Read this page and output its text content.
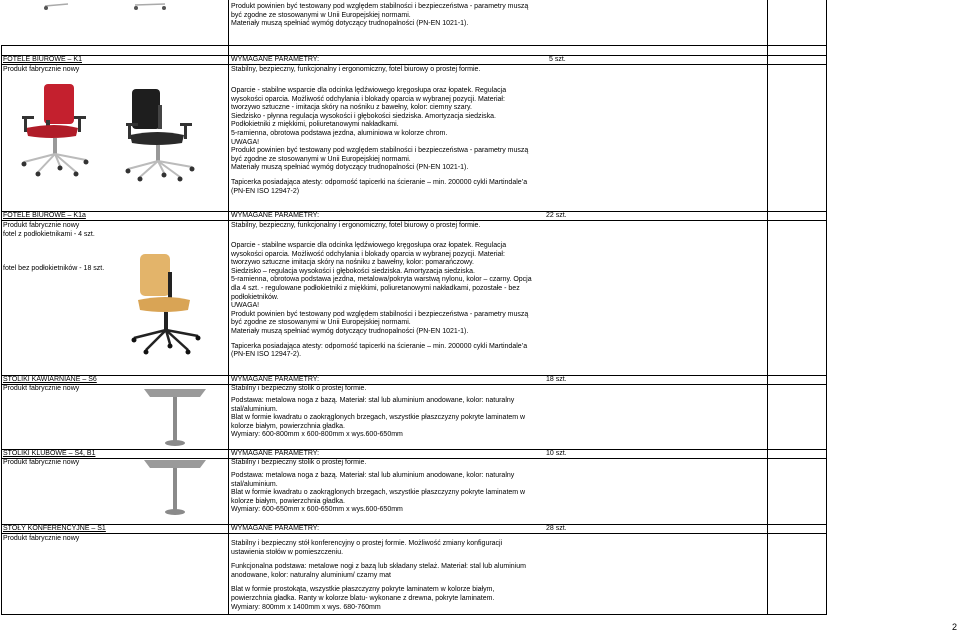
Produkt powinien być testowany pod względem stabilności i bezpieczeństwa - parametry muszą
być zgodne ze stosowanymi w Unii Europejskiej normami.
Materiały muszą spełniać wymóg dotyczący trudnopalności (PN-EN 1021-1).
FOTELE BIUROWE – K1	WYMAGANE PARAMETRY:	5 szt.
Produkt fabrycznie nowy	Stabilny, bezpieczny, funkcjonalny i ergonomiczny, fotel biurowy o prostej formie.
Oparcie - stabilne wsparcie dla odcinka lędźwiowego kręgosłupa oraz łopatek. Regulacja
wysokości oparcia. Możliwość odchylania i blokady oparcia w wybranej pozycji. Materiał:
tworzywo sztuczne - imitacja skóry na nośniku z bawełny, kolor: ciemny szary.
Siedzisko - płynna regulacja wysokości i głębokości siedziska. Amortyzacja siedziska.
Podłokietniki z miękkimi, poliuretanowymi nakładkami.
5-ramienna, obrotowa podstawa jezdna, aluminiowa w kolorze chrom.
UWAGA!
Produkt powinien być testowany pod względem stabilności i bezpieczeństwa - parametry muszą
być zgodne ze stosowanymi w Unii Europejskiej normami.
Materiały muszą spełniać wymóg dotyczący trudnopalności (PN-EN 1021-1).
Tapicerka posiadająca atesty: odporność tapicerki na ścieranie – min. 200000 cykli Martindale’a
(PN-EN ISO 12947-2)
FOTELE BIUROWE – K1a	WYMAGANE PARAMETRY:	22 szt.
Produkt fabrycznie nowy
fotel z podłokietnikami - 4 szt.
fotel bez podłokietników - 18 szt.
Stabilny, bezpieczny, funkcjonalny i ergonomiczny, fotel biurowy o prostej formie.
Oparcie - stabilne wsparcie dla odcinka lędźwiowego kręgosłupa oraz łopatek. Regulacja
wysokości oparcia. Możliwość odchylania i blokady oparcia w wybranej pozycji. Materiał:
tworzywo sztuczne imitacja skóry na nośniku z bawełny, kolor: pomarańczowy.
Siedzisko – regulacja wysokości i głębokości siedziska. Amortyzacja siedziska.
5-ramienna, obrotowa podstawa jezdna, metalowa/pokryta warstwą nylonu, kolor – czarny. Opcja
dla 4 szt. - regulowane podłokietniki z miękkimi, poliuretanowymi nakładkami, pozostałe - bez
podłokietników.
UWAGA!
Produkt powinien być testowany pod względem stabilności i bezpieczeństwa - parametry muszą
być zgodne ze stosowanymi w Unii Europejskiej normami.
Materiały muszą spełniać wymóg dotyczący trudnopalności (PN-EN 1021-1).
Tapicerka posiadająca atesty: odporność tapicerki na ścieranie – min. 200000 cykli Martindale’a
(PN-EN ISO 12947-2).
STOLIKI KAWIARNIANE – S6	WYMAGANE PARAMETRY:	18 szt.
Produkt fabrycznie nowy	Stabilny i bezpieczny stolik o prostej formie.
Podstawa: metalowa noga z bazą. Materiał: stal lub aluminium anodowane, kolor: naturalny
stal/aluminium.
Blat w formie kwadratu o zaokrąglonych brzegach, wszystkie płaszczyzny pokryte laminatem w
kolorze białym, powierzchnia gładka.
Wymiary: 600-800mm x 600-800mm x wys.600-650mm
STOLIKI KLUBOWE – S4, B1	WYMAGANE PARAMETRY:	10 szt.
Produkt fabrycznie nowy	Stabilny i bezpieczny stolik o prostej formie.
Podstawa: metalowa noga z bazą. Materiał: stal lub aluminium anodowane, kolor: naturalny
stal/aluminium.
Blat w formie kwadratu o zaokrąglonych brzegach, wszystkie płaszczyzny pokryte laminatem w
kolorze białym, powierzchnia gładka.
Wymiary: 600-650mm x 600-650mm x wys.600-650mm
STOŁY KONFERENCYJNE – S1	WYMAGANE PARAMETRY:	28 szt.
Produkt fabrycznie nowy
Stabilny i bezpieczny stół konferencyjny o prostej formie. Możliwość zmiany konfiguracji
ustawienia stołów w pomieszczeniu.
Funkcjonalna podstawa: metalowe nogi z bazą lub składany stelaż. Materiał: stal lub aluminium
anodowane, kolor: naturalny aluminium/ czarny mat
Blat w formie prostokąta, wszystkie płaszczyzny pokryte laminatem w kolorze białym,
powierzchnia gładka. Ranty w kolorze blatu- wykonane z drewna, pokryte laminatem.
Wymiary: 800mm x 1400mm x wys. 680-760mm
2
